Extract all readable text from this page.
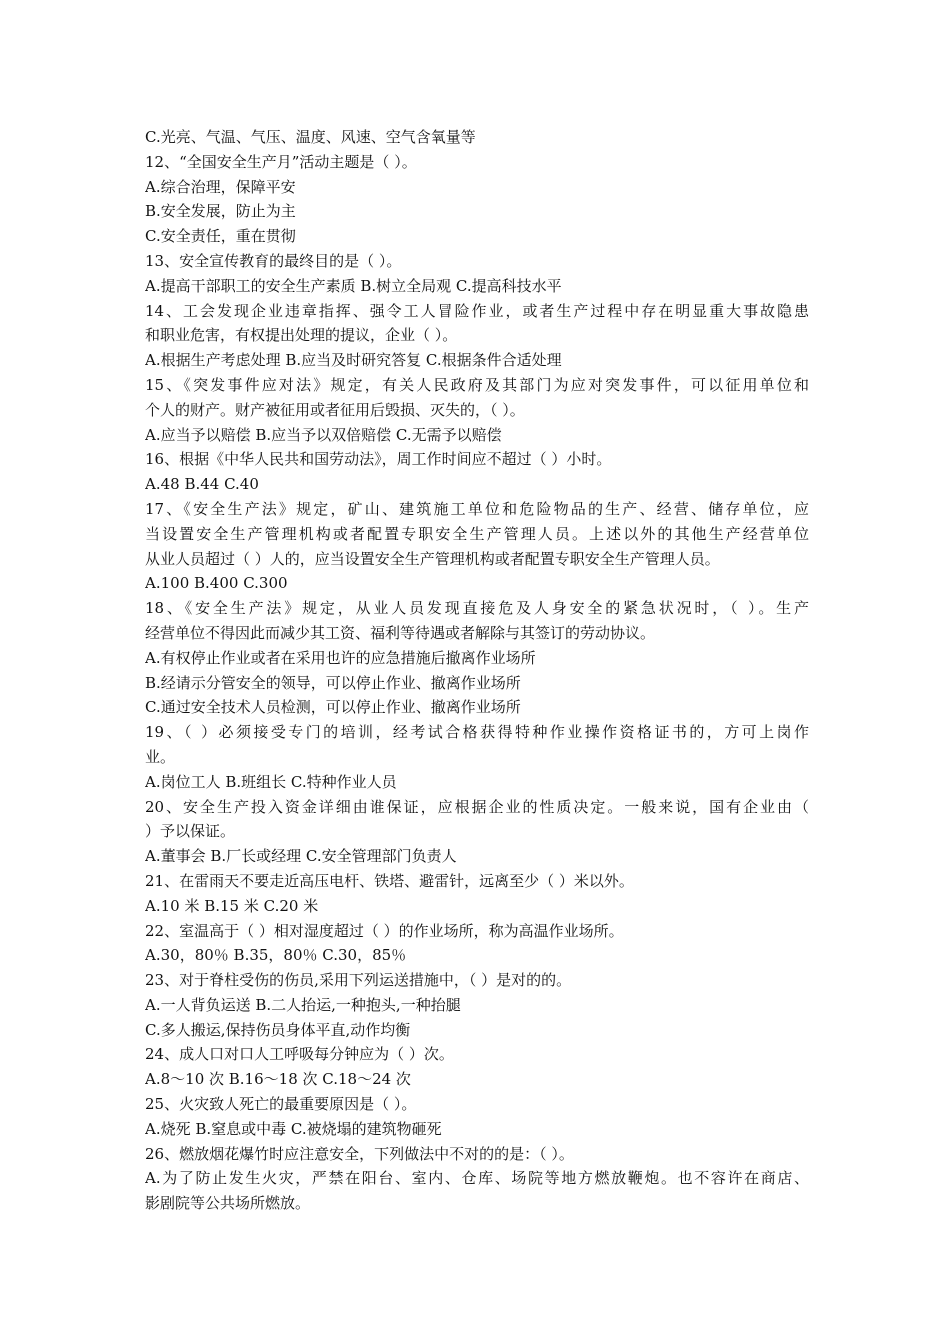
C.光亮、气温、气压、温度、风速、空气含氧量等
12、“全国安全生产月”活动主题是（ ）。
A.综合治理，保障平安
B.安全发展，防止为主
C.安全责任，重在贯彻
13、安全宣传教育的最终目的是（ ）。
A.提高干部职工的安全生产素质 B.树立全局观 C.提高科技水平
14、工会发现企业违章指挥、强令工人冒险作业，或者生产过程中存在明显重大事故隐患
和职业危害，有权提出处理的提议，企业（ ）。
A.根据生产考虑处理 B.应当及时研究答复 C.根据条件合适处理
15、《突发事件应对法》规定，有关人民政府及其部门为应对突发事件，可以征用单位和
个人的财产。财产被征用或者征用后毁损、灭失的，（ ）。
A.应当予以赔偿 B.应当予以双倍赔偿 C.无需予以赔偿
16、根据《中华人民共和国劳动法》，周工作时间应不超过（ ）小时。
A.48 B.44 C.40
17、《安全生产法》规定，矿山、建筑施工单位和危险物品的生产、经营、储存单位，应
当设置安全生产管理机构或者配置专职安全生产管理人员。上述以外的其他生产经营单位
从业人员超过（ ）人的，应当设置安全生产管理机构或者配置专职安全生产管理人员。
A.100 B.400 C.300
18、《安全生产法》规定，从业人员发现直接危及人身安全的紧急状况时，（ ）。生产
经营单位不得因此而减少其工资、福利等待遇或者解除与其签订的劳动协议。
A.有权停止作业或者在采用也许的应急措施后撤离作业场所
B.经请示分管安全的领导，可以停止作业、撤离作业场所
C.通过安全技术人员检测，可以停止作业、撤离作业场所
19、（ ）必须接受专门的培训，经考试合格获得特种作业操作资格证书的，方可上岗作
业。
A.岗位工人 B.班组长 C.特种作业人员
20、安全生产投入资金详细由谁保证，应根据企业的性质决定。一般来说，国有企业由（
）予以保证。
A.董事会 B.厂长或经理 C.安全管理部门负责人
21、在雷雨天不要走近高压电杆、铁塔、避雷针，远离至少（ ）米以外。
A.10 米 B.15 米 C.20 米
22、室温高于（ ）相对湿度超过（ ）的作业场所，称为高温作业场所。
A.30，80％ B.35，80％ C.30，85％
23、对于脊柱受伤的伤员,采用下列运送措施中，（ ）是对的的。
A.一人背负运送 B.二人抬运,一种抱头,一种抬腿
C.多人搬运,保持伤员身体平直,动作均衡
24、成人口对口人工呼吸每分钟应为（ ）次。
A.8～10 次 B.16～18 次 C.18～24 次
25、火灾致人死亡的最重要原因是（ ）。
A.烧死 B.窒息或中毒 C.被烧塌的建筑物砸死
26、燃放烟花爆竹时应注意安全，下列做法中不对的的是：（ ）。
A.为了防止发生火灾，严禁在阳台、室内、仓库、场院等地方燃放鞭炮。也不容许在商店、
影剧院等公共场所燃放。
